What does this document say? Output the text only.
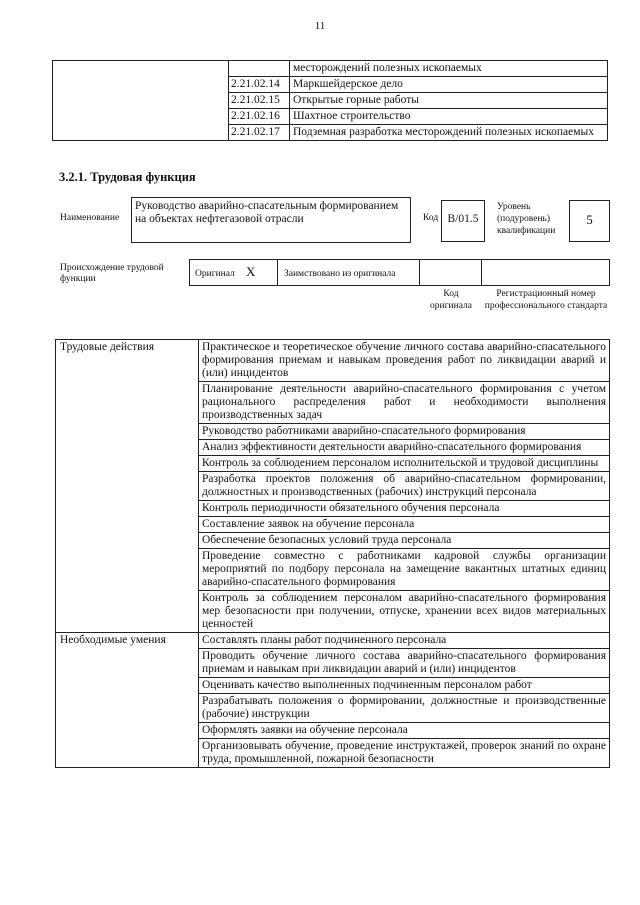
11
		месторождений полезных ископаемых
	2.21.02.14	Маркшейдерское дело
	2.21.02.15	Открытые горные работы
	2.21.02.16	Шахтное строительство
	2.21.02.17	Подземная разработка месторождений полезных ископаемых
3.2.1. Трудовая функция
Наименование
Руководство аварийно-спасательным формированием на объектах нефтегазовой отрасли	Код B/01.5
Уровень (подуровень) квалификации
5
Происхождение трудовой функции	Оригинал Х	Заимствовано из оригинала
Код оригинала
Регистрационный номер профессионального стандарта
Трудовые действия	Практическое и теоретическое обучение личного состава аварийно-спасательного формирования приемам и навыкам проведения работ по ликвидации аварий и (или) инцидентов
	Планирование деятельности аварийно-спасательного формирования с учетом рационального распределения работ и необходимости выполнения производственных задач
	Руководство работниками аварийно-спасательного формирования
	Анализ эффективности деятельности аварийно-спасательного формирования
	Контроль за соблюдением персоналом исполнительской и трудовой дисциплины
	Разработка проектов положения об аварийно-спасательном формировании, должностных и производственных (рабочих) инструкций персонала
	Контроль периодичности обязательного обучения персонала
	Составление заявок на обучение персонала
	Обеспечение безопасных условий труда персонала
	Проведение совместно с работниками кадровой службы организации мероприятий по подбору персонала на замещение вакантных штатных единиц аварийно-спасательного формирования
	Контроль за соблюдением персоналом аварийно-спасательного формирования мер безопасности при получении, отпуске, хранении всех видов материальных ценностей
Необходимые умения	Составлять планы работ подчиненного персонала
	Проводить обучение личного состава аварийно-спасательного формирования приемам и навыкам при ликвидации аварий и (или) инцидентов
	Оценивать качество выполненных подчиненным персоналом работ
	Разрабатывать положения о формировании, должностные и производственные (рабочие) инструкции
	Оформлять заявки на обучение персонала
	Организовывать обучение, проведение инструктажей, проверок знаний по охране труда, промышленной, пожарной безопасности
